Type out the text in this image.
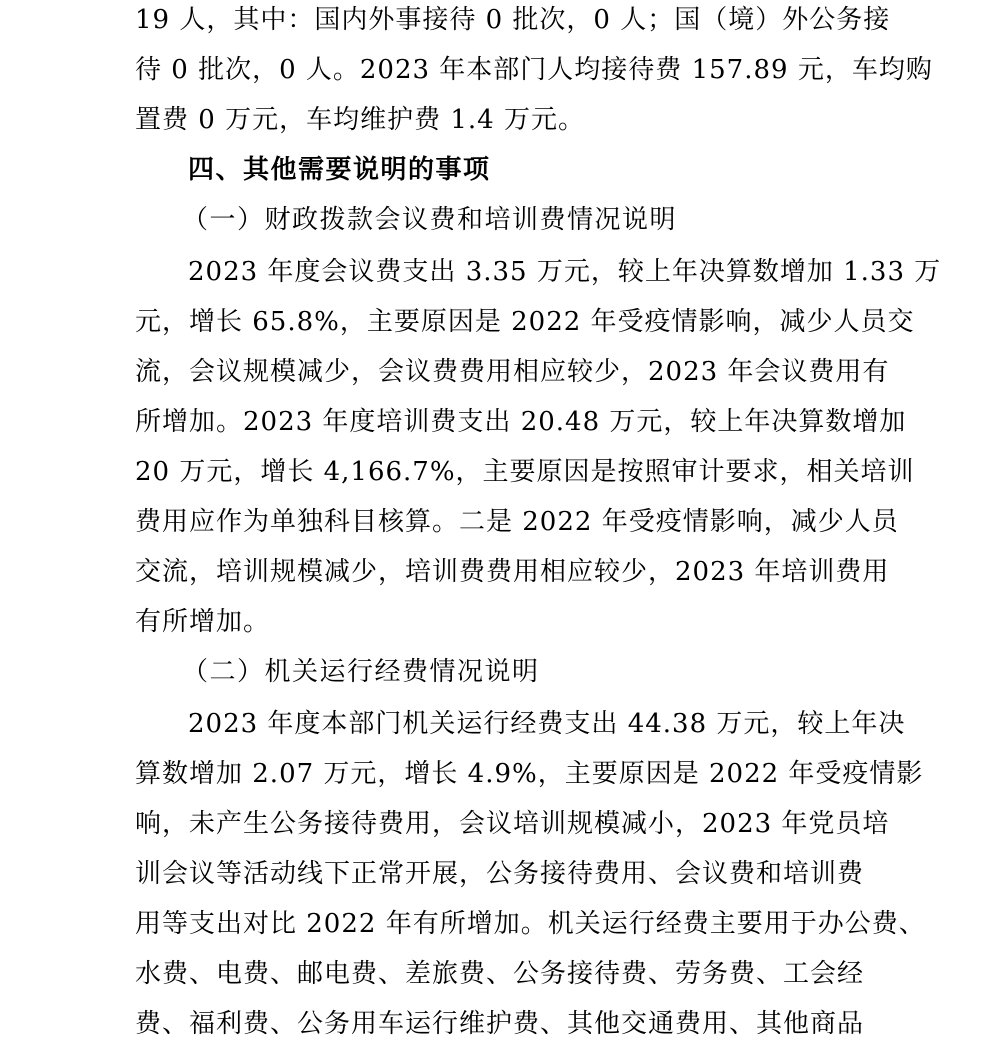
19 人，其中：国内外事接待 0 批次，0 人；国（境）外公务接
待 0 批次，0 人。2023 年本部门人均接待费 157.89 元，车均购
置费 0 万元，车均维护费 1.4 万元。
四、其他需要说明的事项
（一）财政拨款会议费和培训费情况说明
2023 年度会议费支出 3.35 万元，较上年决算数增加 1.33 万
元，增长 65.8%，主要原因是 2022 年受疫情影响，减少人员交
流，会议规模减少，会议费费用相应较少，2023 年会议费用有
所增加。2023 年度培训费支出 20.48 万元，较上年决算数增加
20 万元，增长 4,166.7%，主要原因是按照审计要求，相关培训
费用应作为单独科目核算。二是 2022 年受疫情影响，减少人员
交流，培训规模减少，培训费费用相应较少，2023 年培训费用
有所增加。
（二）机关运行经费情况说明
2023 年度本部门机关运行经费支出 44.38 万元，较上年决
算数增加 2.07 万元，增长 4.9%，主要原因是 2022 年受疫情影
响，未产生公务接待费用，会议培训规模减小，2023 年党员培
训会议等活动线下正常开展，公务接待费用、会议费和培训费
用等支出对比 2022 年有所增加。机关运行经费主要用于办公费、
水费、电费、邮电费、差旅费、公务接待费、劳务费、工会经
费、福利费、公务用车运行维护费、其他交通费用、其他商品
